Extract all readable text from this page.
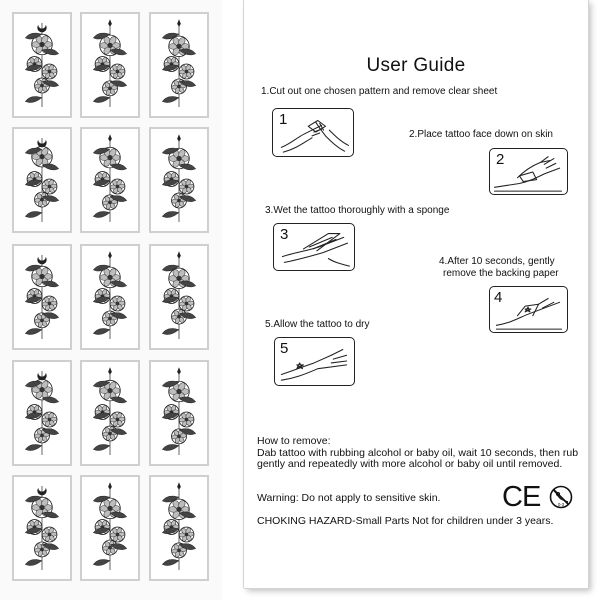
User Guide
1.Cut out one chosen pattern and remove clear sheet
1
2.Place tattoo face down on skin
2
3.Wet the tattoo thoroughly with a sponge
3
4.After 10 seconds, gently
remove the backing paper
4
5.Allow the tattoo to dry
5
How to remove:
Dab tattoo with rubbing alcohol or baby oil, wait 10 seconds, then rub gently and repeatedly with more alcohol or baby oil until removed.
Warning: Do not apply to sensitive skin.
CHOKING HAZARD-Small Parts Not for children under 3 years.
CE	0-3
